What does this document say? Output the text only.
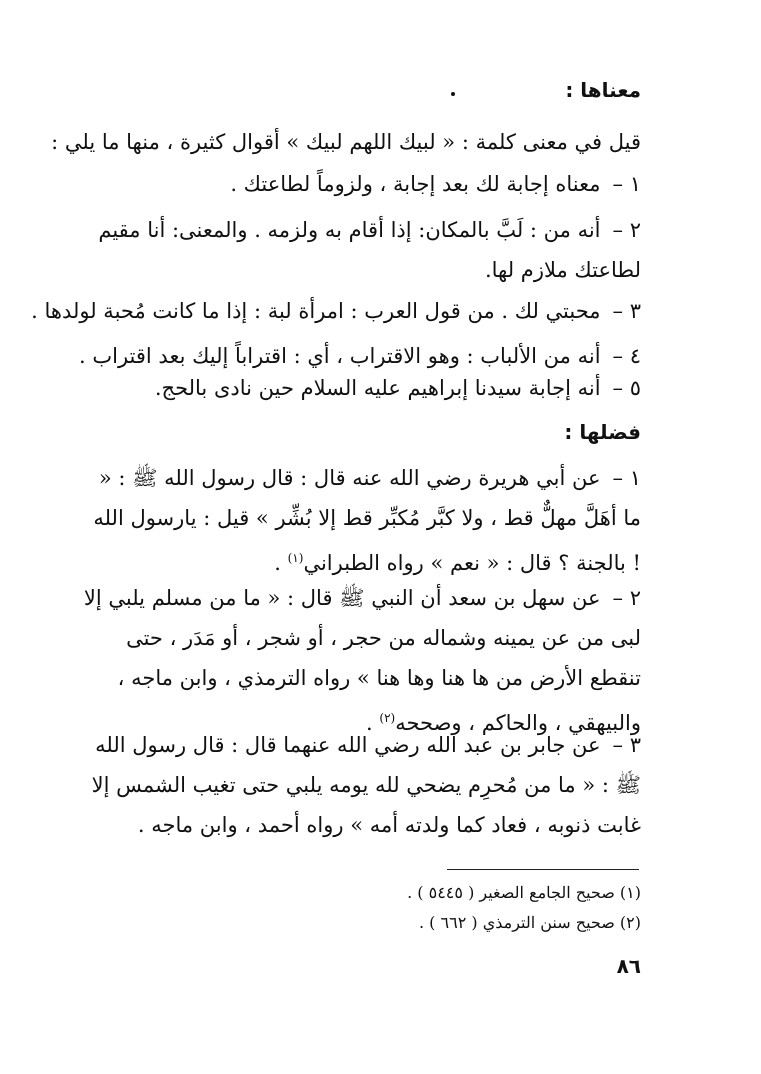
معناها :
قيل في معنى كلمة : « لبيك اللهم لبيك » أقوال كثيرة ، منها ما يلي :
١ –معناه إجابة لك بعد إجابة ، ولزوماً لطاعتك .
٢ –أنه من : لَبَّ بالمكان: إذا أقام به ولزمه . والمعنى: أنا مقيم لطاعتك ملازم لها.
٣ –محبتي لك . من قول العرب : امرأة لبة : إذا ما كانت مُحبة لولدها .
٤ –أنه من الألباب : وهو الاقتراب ، أي : اقتراباً إليك بعد اقتراب .
٥ –أنه إجابة سيدنا إبراهيم عليه السلام حين نادى بالحج.
فضلها :
١ –عن أبي هريرة رضي الله عنه قال : قال رسول الله ﷺ : « ما أهَلَّ مهلٌّ قط ، ولا كبَّر مُكبِّر قط إلا بُشِّر » قيل : يارسول الله ! بالجنة ؟ قال : « نعم » رواه الطبراني$^{(١)}$ .
٢ –عن سهل بن سعد أن النبي ﷺ قال : « ما من مسلم يلبي إلا لبى من عن يمينه وشماله من حجر ، أو شجر ، أو مَدَر ، حتى تنقطع الأرض من ها هنا وها هنا » رواه الترمذي ، وابن ماجه ، والبيهقي ، والحاكم ، وصححه$^{(٢)}$ .
٣ –عن جابر بن عبد الله رضي الله عنهما قال : قال رسول الله ﷺ : « ما من مُحرِم يضحي لله يومه يلبي حتى تغيب الشمس إلا غابت ذنوبه ، فعاد كما ولدته أمه » رواه أحمد ، وابن ماجه .
(١) صحيح الجامع الصغير ( ٥٤٤٥ ) .
(٢) صحيح سنن الترمذي ( ٦٦٢ ) .
٨٦
